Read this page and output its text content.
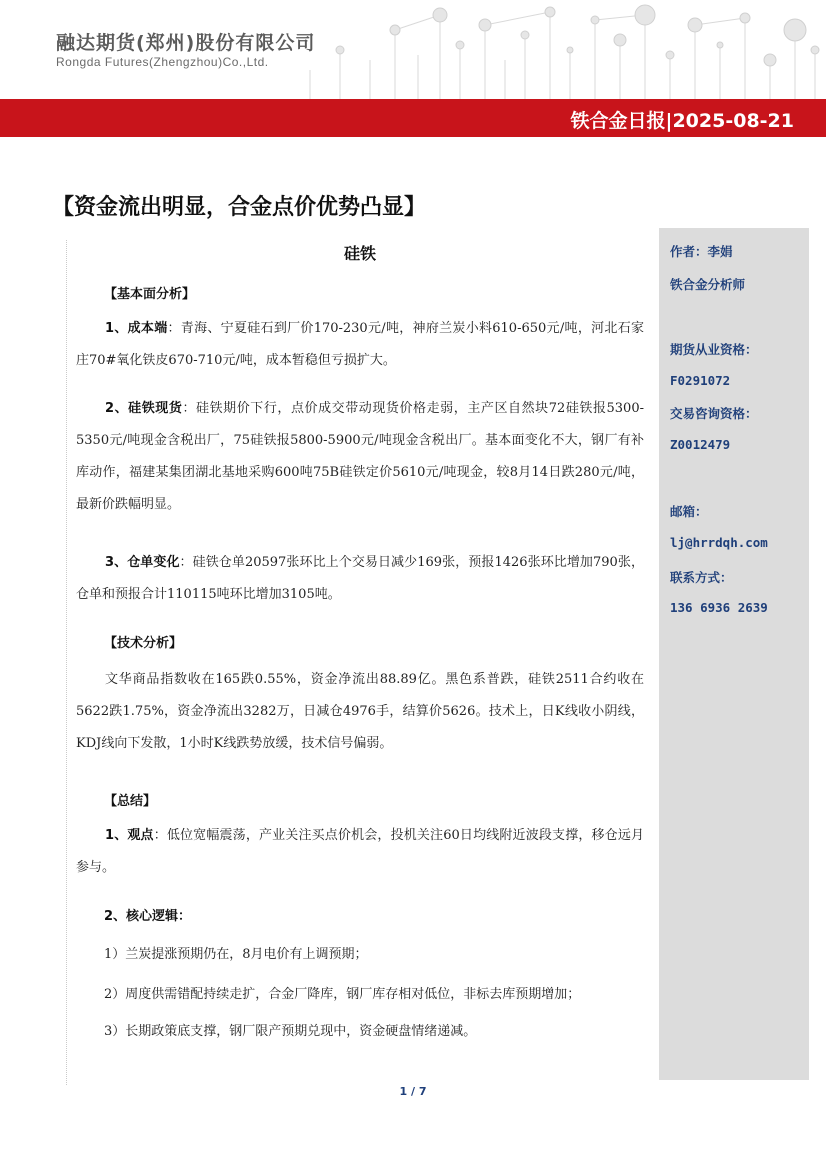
融达期货(郑州)股份有限公司
Rongda Futures(Zhengzhou)Co.,Ltd.
铁合金日报|2025-08-21
【资金流出明显，合金点价优势凸显】
作者：李娟
铁合金分析师
期货从业资格：
F0291072
交易咨询资格：
Z0012479
邮箱：
lj@hrrdqh.com
联系方式：
136 6936 2639
硅铁
【基本面分析】

1、成本端：青海、宁夏硅石到厂价170-230元/吨，神府兰炭小料610-650元/吨，河北石家庄70#氧化铁皮670-710元/吨，成本暂稳但亏损扩大。

2、硅铁现货：硅铁期价下行，点价成交带动现货价格走弱，主产区自然块72硅铁报5300-5350元/吨现金含税出厂，75硅铁报5800-5900元/吨现金含税出厂。基本面变化不大，钢厂有补库动作，福建某集团湖北基地采购600吨75B硅铁定价5610元/吨现金，较8月14日跌280元/吨，最新价跌幅明显。

3、仓单变化：硅铁仓单20597张环比上个交易日减少169张，预报1426张环比增加790张，仓单和预报合计110115吨环比增加3105吨。

【技术分析】

文华商品指数收在165跌0.55%，资金净流出88.89亿。黑色系普跌，硅铁2511合约收在5622跌1.75%，资金净流出3282万，日减仓4976手，结算价5626。技术上，日K线收小阴线，KDJ线向下发散，1小时K线跌势放缓，技术信号偏弱。

【总结】

1、观点：低位宽幅震荡，产业关注买点价机会，投机关注60日均线附近波段支撑，移仓远月参与。

2、核心逻辑：
1）兰炭提涨预期仍在，8月电价有上调预期；
2）周度供需错配持续走扩，合金厂降库，钢厂库存相对低位，非标去库预期增加；
3）长期政策底支撑，钢厂限产预期兑现中，资金硬盘情绪递减。
1 / 7
